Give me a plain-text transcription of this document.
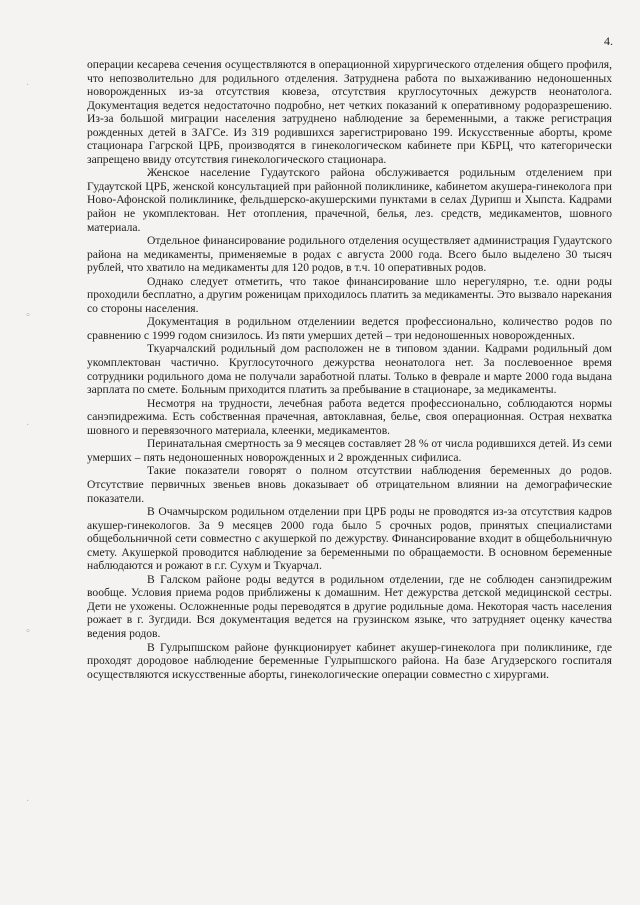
4.
·
°
·
°
·

операции кесарева сечения осуществляются в операционной хирургического отделения общего профиля, что непозволительно для родильного отделения. Затруднена работа по выхаживанию недоношенных новорожденных из-за отсутствия кювеза, отсутствия круглосуточных дежурств неонатолога. Документация ведется недостаточно подробно, нет четких показаний к оперативному родоразрешению. Из-за большой миграции населения затруднено наблюдение за беременными, а также регистрация рожденных детей в ЗАГСе. Из 319 родившихся зарегистрировано 199. Искусственные аборты, кроме стационара Гагрской ЦРБ, производятся в гинекологическом кабинете при КБРЦ, что категорически запрещено ввиду отсутствия гинекологического стационара.

Женское население Гудаутского района обслуживается родильным отделением при Гудаутской ЦРБ, женской консультацией при районной поликлинике, кабинетом акушера-гинеколога при Ново-Афонской поликлинике, фельдшерско-акушерскими пунктами в селах Дурипш и Хыпста. Кадрами район не укомплектован. Нет отопления, прачечной, белья, лез. средств, медикаментов, шовного материала.

Отдельное финансирование родильного отделения осуществляет администрация Гудаутского района на медикаменты, применяемые в родах с августа 2000 года. Всего было выделено 30 тысяч рублей, что хватило на медикаменты для 120 родов, в т.ч. 10 оперативных родов.

Однако следует отметить, что такое финансирование шло нерегулярно, т.е. одни роды проходили бесплатно, а другим роженицам приходилось платить за медикаменты. Это вызвало нарекания со стороны населения.

Документация в родильном отделениии ведется профессионально, количество родов по сравнению с 1999 годом снизилось. Из пяти умерших детей – три недоношенных новорожденных.

Ткуарчалский родильный дом расположен не в типовом здании. Кадрами родильный дом укомплектован частично. Круглосуточного дежурства неонатолога нет. За послевоенное время сотрудники родильного дома не получали заработной платы. Только в феврале и марте 2000 года выдана зарплата по смете. Больным приходится платить за пребывание в стационаре, за медикаменты.

Несмотря на трудности, лечебная работа ведется профессионально, соблюдаются нормы санэпидрежима. Есть собственная прачечная, автоклавная, белье, своя операционная. Острая нехватка шовного и перевязочного материала, клеенки, медикаментов.

Перинатальная смертность за 9 месяцев составляет 28 % от числа родившихся детей. Из семи умерших – пять недоношенных новорожденных и 2 врожденных сифилиса.

Такие показатели говорят о полном отсутствии наблюдения беременных до родов. Отсутствие первичных звеньев вновь доказывает об отрицательном влиянии на демографические показатели.

В Очамчырском родильном отделении при ЦРБ роды не проводятся из-за отсутствия кадров акушер-гинекологов. За 9 месяцев 2000 года было 5 срочных родов, принятых специалистами общебольничной сети совместно с акушеркой по дежурству. Финансирование входит в общебольничную смету. Акушеркой проводится наблюдение за беременными по обращаемости. В основном беременные наблюдаются и рожают в г.г. Сухум и Ткуарчал.

В Галском районе роды ведутся в родильном отделении, где не соблюден санэпидрежим вообще. Условия приема родов приближены к домашним. Нет дежурства детской медицинской сестры. Дети не ухожены. Осложненные роды переводятся в другие родильные дома. Некоторая часть населения рожает в г. Зугдиди. Вся документация ведется на грузинском языке, что затрудняет оценку качества ведения родов.

В Гулрыпшском районе функционирует кабинет акушер-гинеколога при поликлинике, где проходят дородовое наблюдение беременные Гулрыпшского района. На базе Агудзерского госпиталя осуществляются искусственные аборты, гинекологические операции совместно с хирургами.
